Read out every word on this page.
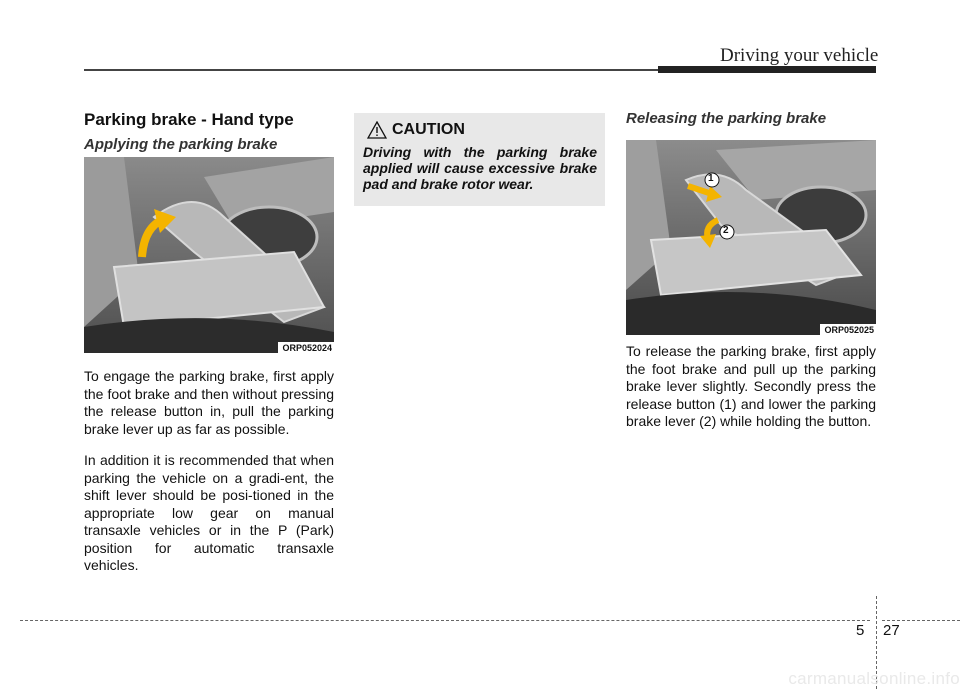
Driving your vehicle
Parking brake - Hand type
Applying the parking brake
ORP052024

To engage the parking brake, first apply the foot brake and then without pressing the release button in, pull the parking brake lever up as far as possible.

In addition it is recommended that when parking the vehicle on a gradi-ent, the shift lever should be posi-tioned in the appropriate low gear on manual transaxle vehicles or in the P (Park) position for automatic transaxle vehicles.

CAUTION

Driving with the parking brake applied will cause excessive brake pad and brake rotor wear.

Releasing the parking brake
1
2
ORP052025

To release the parking brake, first apply the foot brake and pull up the parking brake lever slightly. Secondly press the release button (1) and lower the parking brake lever (2) while holding the button.

5 27
carmanualsonline.info
